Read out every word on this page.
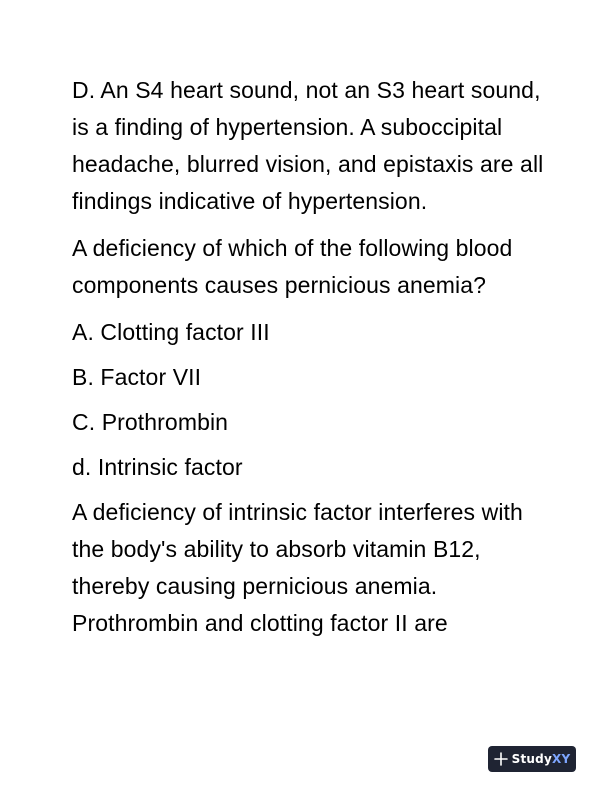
D. An S4 heart sound, not an S3 heart sound, is a finding of hypertension. A suboccipital headache, blurred vision, and epistaxis are all findings indicative of hypertension.

A deficiency of which of the following blood components causes pernicious anemia?

A. Clotting factor III

B. Factor VII

C. Prothrombin

d. Intrinsic factor

A deficiency of intrinsic factor interferes with the body's ability to absorb vitamin B12, thereby causing pernicious anemia. Prothrombin and clotting factor II are

StudyXY
